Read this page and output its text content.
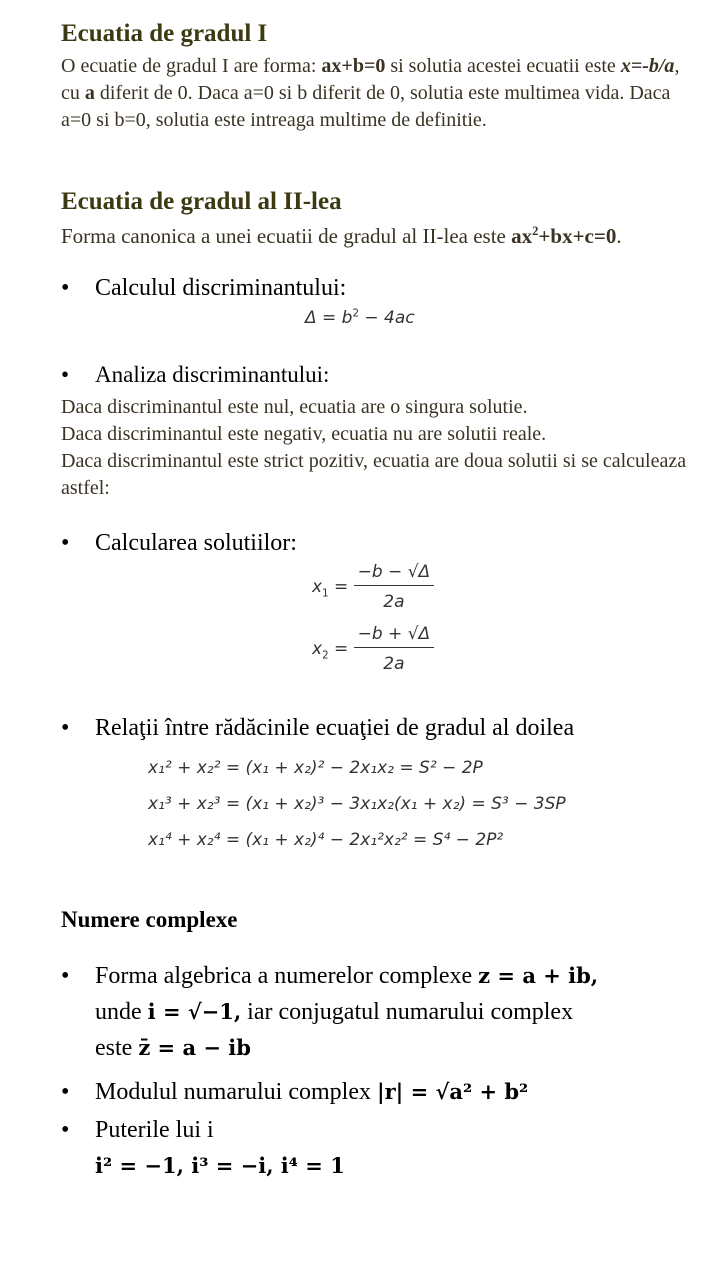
Ecuatia de gradul I
O ecuatie de gradul I are forma: ax+b=0 si solutia acestei ecuatii este x=-b/a, cu a diferit de 0. Daca a=0 si b diferit de 0, solutia este multimea vida. Daca a=0 si b=0, solutia este intreaga multime de definitie.
Ecuatia de gradul al II-lea
Forma canonica a unei ecuatii de gradul al II-lea este $ax^2+bx+c=0$.
• Calculul discriminantului:
$\Delta = b^2 - 4ac$
• Analiza discriminantului:
Daca discriminantul este nul, ecuatia are o singura solutie.
Daca discriminantul este negativ, ecuatia nu are solutii reale.
Daca discriminantul este strict pozitiv, ecuatia are doua solutii si se calculeaza astfel:
• Calcularea solutiilor:
$x_1 = \frac{-b - √\Delta}{2a}$
$x_2 = \frac{-b + √\Delta}{2a}$
• Relaţii între rădăcinile ecuaţiei de gradul al doilea
x₁² + x₂² = (x₁ + x₂)² − 2x₁x₂ = S² − 2P
x₁³ + x₂³ = (x₁ + x₂)³ − 3x₁x₂(x₁ + x₂) = S³ − 3SP
x₁⁴ + x₂⁴ = (x₁ + x₂)⁴ − 2x₁²x₂² = S⁴ − 2P²
Numere complexe
• Forma algebrica a numerelor complexe z = a + ib,
unde i = √−1, iar conjugatul numarului complex
este z̄ = a − ib
• Modulul numarului complex |r| = √a² + b²
• Puterile lui i
i² = −1, i³ = −i, i⁴ = 1
